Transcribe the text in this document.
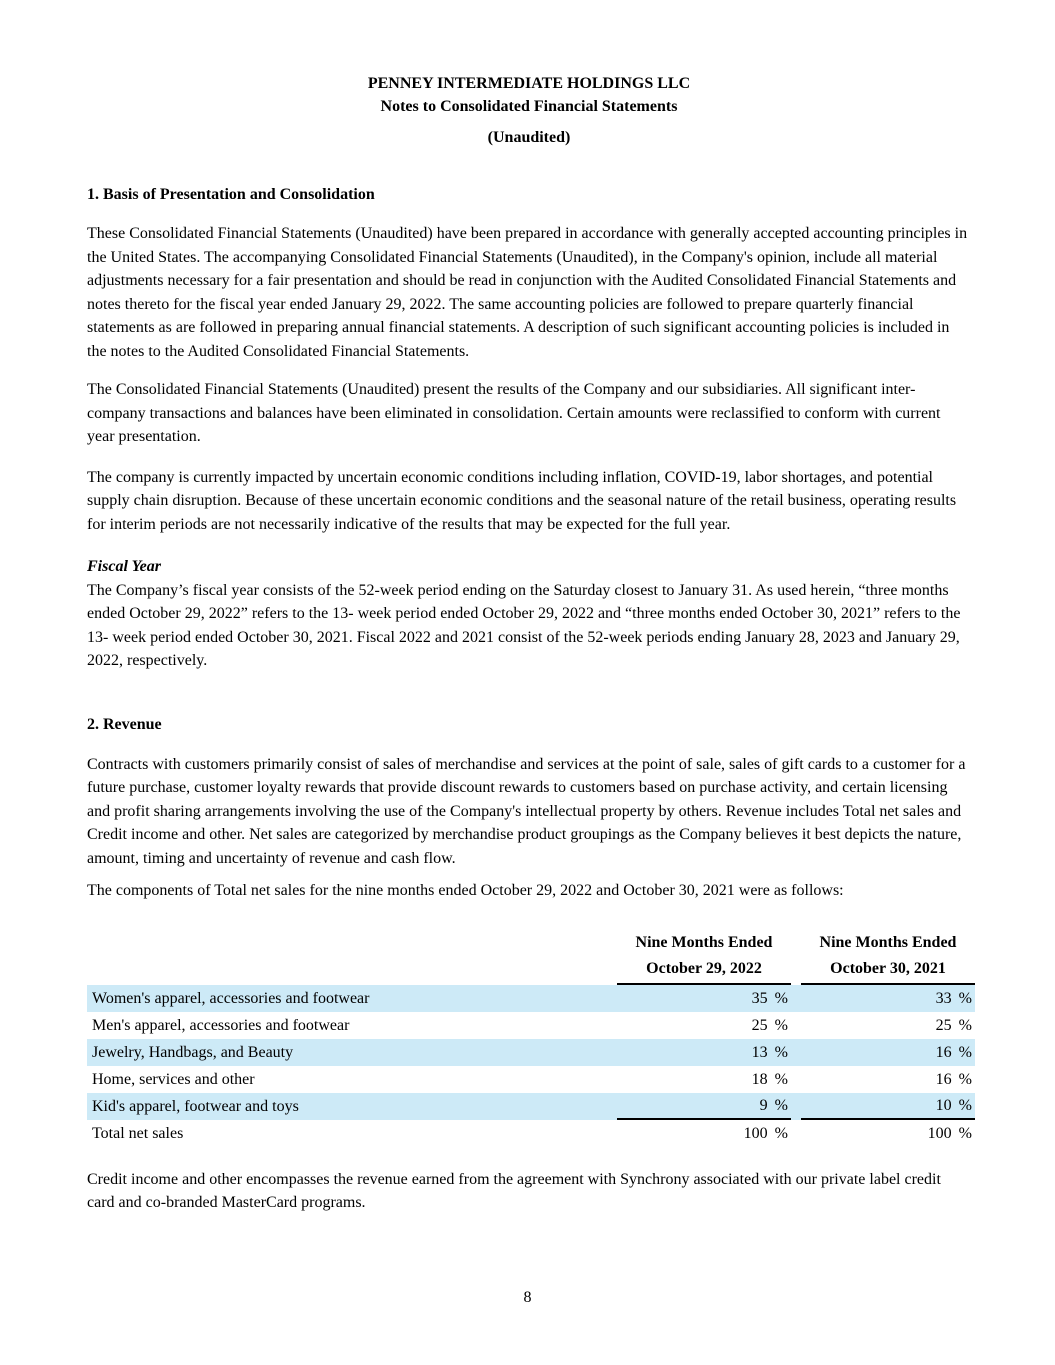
PENNEY INTERMEDIATE HOLDINGS LLC
Notes to Consolidated Financial Statements
(Unaudited)
1. Basis of Presentation and Consolidation

These Consolidated Financial Statements (Unaudited) have been prepared in accordance with generally accepted accounting principles in the United States. The accompanying Consolidated Financial Statements (Unaudited), in the Company's opinion, include all material adjustments necessary for a fair presentation and should be read in conjunction with the Audited Consolidated Financial Statements and notes thereto for the fiscal year ended January 29, 2022. The same accounting policies are followed to prepare quarterly financial statements as are followed in preparing annual financial statements. A description of such significant accounting policies is included in the notes to the Audited Consolidated Financial Statements.

The Consolidated Financial Statements (Unaudited) present the results of the Company and our subsidiaries. All significant inter-company transactions and balances have been eliminated in consolidation. Certain amounts were reclassified to conform with current year presentation.

The company is currently impacted by uncertain economic conditions including inflation, COVID-19, labor shortages, and potential supply chain disruption. Because of these uncertain economic conditions and the seasonal nature of the retail business, operating results for interim periods are not necessarily indicative of the results that may be expected for the full year.

Fiscal Year

The Company’s fiscal year consists of the 52-week period ending on the Saturday closest to January 31. As used herein, “three months ended October 29, 2022” refers to the 13- week period ended October 29, 2022 and “three months ended October 30, 2021” refers to the 13- week period ended October 30, 2021. Fiscal 2022 and 2021 consist of the 52-week periods ending January 28, 2023 and January 29, 2022, respectively.

2. Revenue

Contracts with customers primarily consist of sales of merchandise and services at the point of sale, sales of gift cards to a customer for a future purchase, customer loyalty rewards that provide discount rewards to customers based on purchase activity, and certain licensing and profit sharing arrangements involving the use of the Company's intellectual property by others. Revenue includes Total net sales and Credit income and other. Net sales are categorized by merchandise product groupings as the Company believes it best depicts the nature, amount, timing and uncertainty of revenue and cash flow.

The components of Total net sales for the nine months ended October 29, 2022 and October 30, 2021 were as follows:

Nine Months Ended
October 29, 2022
Nine Months Ended
October 30, 2021
Women's apparel, accessories and footwear	35 %	33 %
Men's apparel, accessories and footwear	25 %	25 %
Jewelry, Handbags, and Beauty	13 %	16 %
Home, services and other	18 %	16 %
Kid's apparel, footwear and toys	9 %	10 %
Total net sales	100 %	100 %

Credit income and other encompasses the revenue earned from the agreement with Synchrony associated with our private label credit card and co-branded MasterCard programs.

8
